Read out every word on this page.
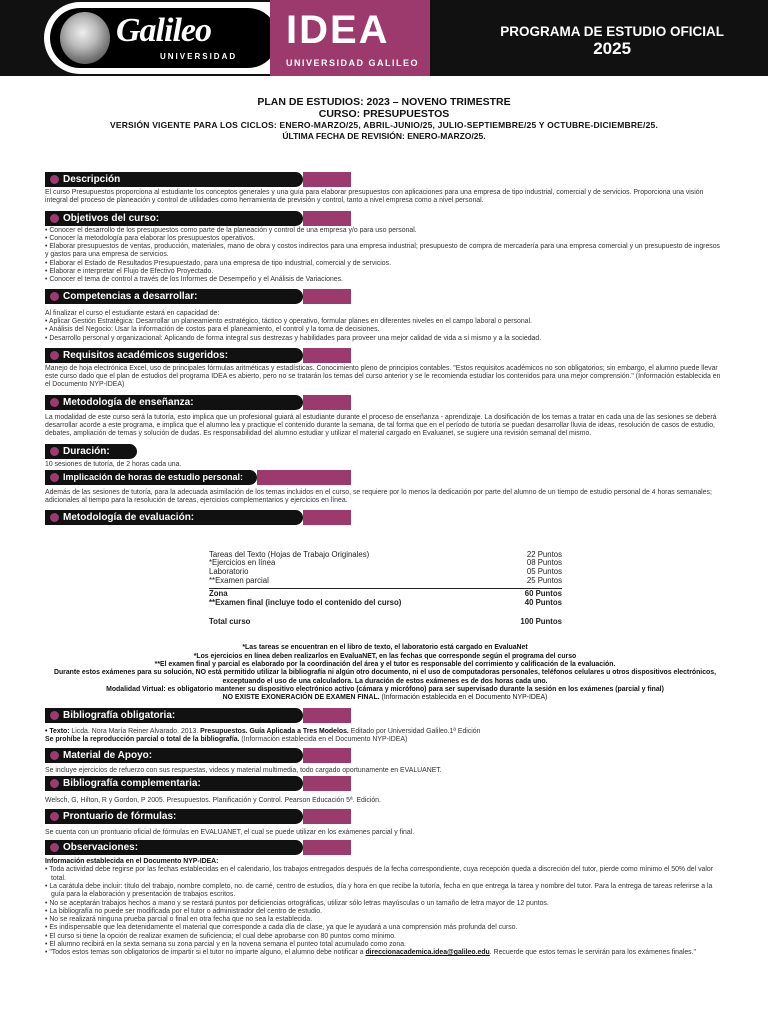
Galileo
UNIVERSIDAD
IDEA
UNIVERSIDAD GALILEO
PROGRAMA DE ESTUDIO OFICIAL
2025
PLAN DE ESTUDIOS: 2023 – NOVENO TRIMESTRE
CURSO: PRESUPUESTOS
VERSIÓN VIGENTE PARA LOS CICLOS: ENERO-MARZO/25, ABRIL-JUNIO/25, JULIO-SEPTIEMBRE/25 Y OCTUBRE-DICIEMBRE/25.
ÚLTIMA FECHA DE REVISIÓN: ENERO-MARZO/25.
Descripción
El curso Presupuestos proporciona al estudiante los conceptos generales y una guía para elaborar presupuestos con aplicaciones para una empresa de tipo industrial, comercial y de servicios. Proporciona una visión integral del proceso de planeación y control de utilidades como herramienta de previsión y control, tanto a nivel empresa como a nivel personal.
Objetivos del curso:
• Conocer el desarrollo de los presupuestos como parte de la planeación y control de una empresa y/o para uso personal.
• Conocer la metodología para elaborar los presupuestos operativos.
• Elaborar presupuestos de ventas, producción, materiales, mano de obra y costos indirectos para una empresa industrial; presupuesto de compra de mercadería para una empresa comercial y un presupuesto de ingresos y gastos para una empresa de servicios.
• Elaborar el Estado de Resultados Presupuestado, para una empresa de tipo industrial, comercial y de servicios.
• Elaborar e interpretar el Flujo de Efectivo Proyectado.
• Conocer el tema de control a través de los Informes de Desempeño y el Análisis de Variaciones.
Competencias a desarrollar:
Al finalizar el curso el estudiante estará en capacidad de:
• Aplicar Gestión Estratégica: Desarrollar un planeamiento estratégico, táctico y operativo, formular planes en diferentes niveles en el campo laboral o personal.
• Análisis del Negocio: Usar la información de costos para el planeamiento, el control y la toma de decisiones.
• Desarrollo personal y organizacional: Aplicando de forma integral sus destrezas y habilidades para proveer una mejor calidad de vida a sí mismo y a la sociedad.
Requisitos académicos sugeridos:
Manejo de hoja electrónica Excel, uso de principales fórmulas aritméticas y estadísticas. Conocimiento pleno de principios contables. "Estos requisitos académicos no son obligatorios; sin embargo, el alumno puede llevar este curso dado que el plan de estudios del programa IDEA es abierto, pero no se tratarán los temas del curso anterior y se le recomienda estudiar los contenidos para una mejor comprensión." (Información establecida en el Documento NYP-IDEA)
Metodología de enseñanza:
La modalidad de este curso será la tutoría, esto implica que un profesional guiará al estudiante durante el proceso de enseñanza - aprendizaje. La dosificación de los temas a tratar en cada una de las sesiones se deberá desarrollar acorde a este programa, e implica que el alumno lea y practique el contenido durante la semana, de tal forma que en el período de tutoría se puedan desarrollar lluvia de ideas, resolución de casos de estudio, debates, ampliación de temas y solución de dudas. Es responsabilidad del alumno estudiar y utilizar el material cargado en Evaluanet, se sugiere una revisión semanal del mismo.
Duración:
10 sesiones de tutoría, de 2 horas cada una.
Implicación de horas de estudio personal:
Además de las sesiones de tutoría, para la adecuada asimilación de los temas incluidos en el curso, se requiere por lo menos la dedicación por parte del alumno de un tiempo de estudio personal de 4 horas semanales; adicionales al tiempo para la resolución de tareas, ejercicios complementarios y ejercicios en línea.
Metodología de evaluación:
Tareas del Texto (Hojas de Trabajo Originales)	22 Puntos
*Ejercicios en línea	08 Puntos
Laboratorio	05 Puntos
**Examen parcial	25 Puntos
Zona	60 Puntos
**Examen final (incluye todo el contenido del curso)	40 Puntos
Total curso	100 Puntos
*Las tareas se encuentran en el libro de texto, el laboratorio está cargado en EvaluaNet
*Los ejercicios en línea deben realizarlos en EvaluaNET, en las fechas que corresponde según el programa del curso
**El examen final y parcial es elaborado por la coordinación del área y el tutor es responsable del corrimiento y calificación de la evaluación.
Durante estos exámenes para su solución, NO está permitido utilizar la bibliografía ni algún otro documento, ni el uso de computadoras personales, teléfonos celulares u otros dispositivos electrónicos, exceptuando el uso de una calculadora. La duración de estos exámenes es de dos horas cada uno.
Modalidad Virtual: es obligatorio mantener su dispositivo electrónico activo (cámara y micrófono) para ser supervisado durante la sesión en los exámenes (parcial y final)
NO EXISTE EXONERACIÓN DE EXAMEN FINAL. (Información establecida en el Documento NYP-IDEA)
Bibliografía obligatoria:
• Texto: Licda. Nora María Reiner Alvarado. 2013. Presupuestos. Guía Aplicada a Tres Modelos. Editado por Universidad Galileo.1ª Edición
Se prohíbe la reproducción parcial o total de la bibliografía. (Información establecida en el Documento NYP-IDEA)
Material de Apoyo:
Se incluye ejercicios de refuerzo con sus respuestas, videos y material multimedia, todo cargado oportunamente en EVALUANET.
Bibliografía complementaria:
Welsch, G, Hilton, R y Gordon, P 2005. Presupuestos. Planificación y Control. Pearson Educación 5ª. Edición.
Prontuario de fórmulas:
Se cuenta con un prontuario oficial de fórmulas en EVALUANET, el cual se puede utilizar en los exámenes parcial y final.
Observaciones:
Información establecida en el Documento NYP-IDEA:
• Toda actividad debe regirse por las fechas establecidas en el calendario, los trabajos entregados después de la fecha correspondiente, cuya recepción queda a discreción del tutor, pierde como mínimo el 50% del valor total.
• La carátula debe incluir: título del trabajo, nombre completo, no. de carné, centro de estudios, día y hora en que recibe la tutoría, fecha en que entrega la tarea y nombre del tutor. Para la entrega de tareas referirse a la guía para la elaboración y presentación de trabajos escritos.
• No se aceptarán trabajos hechos a mano y se restará puntos por deficiencias ortográficas, utilizar sólo letras mayúsculas o un tamaño de letra mayor de 12 puntos.
• La bibliografía no puede ser modificada por el tutor o administrador del centro de estudio.
• No se realizará ninguna prueba parcial o final en otra fecha que no sea la establecida.
• Es indispensable que lea detenidamente el material que corresponde a cada día de clase, ya que le ayudará a una comprensión más profunda del curso.
• El curso si tiene la opción de realizar examen de suficiencia; el cual debe aprobarse con 80 puntos como mínimo.
• El alumno recibirá en la sexta semana su zona parcial y en la novena semana el punteo total acumulado como zona.
• "Todos estos temas son obligatorios de impartir si el tutor no imparte alguno, el alumno debe notificar a direccionacademica.idea@galileo.edu. Recuerde que estos temas le servirán para los exámenes finales."
